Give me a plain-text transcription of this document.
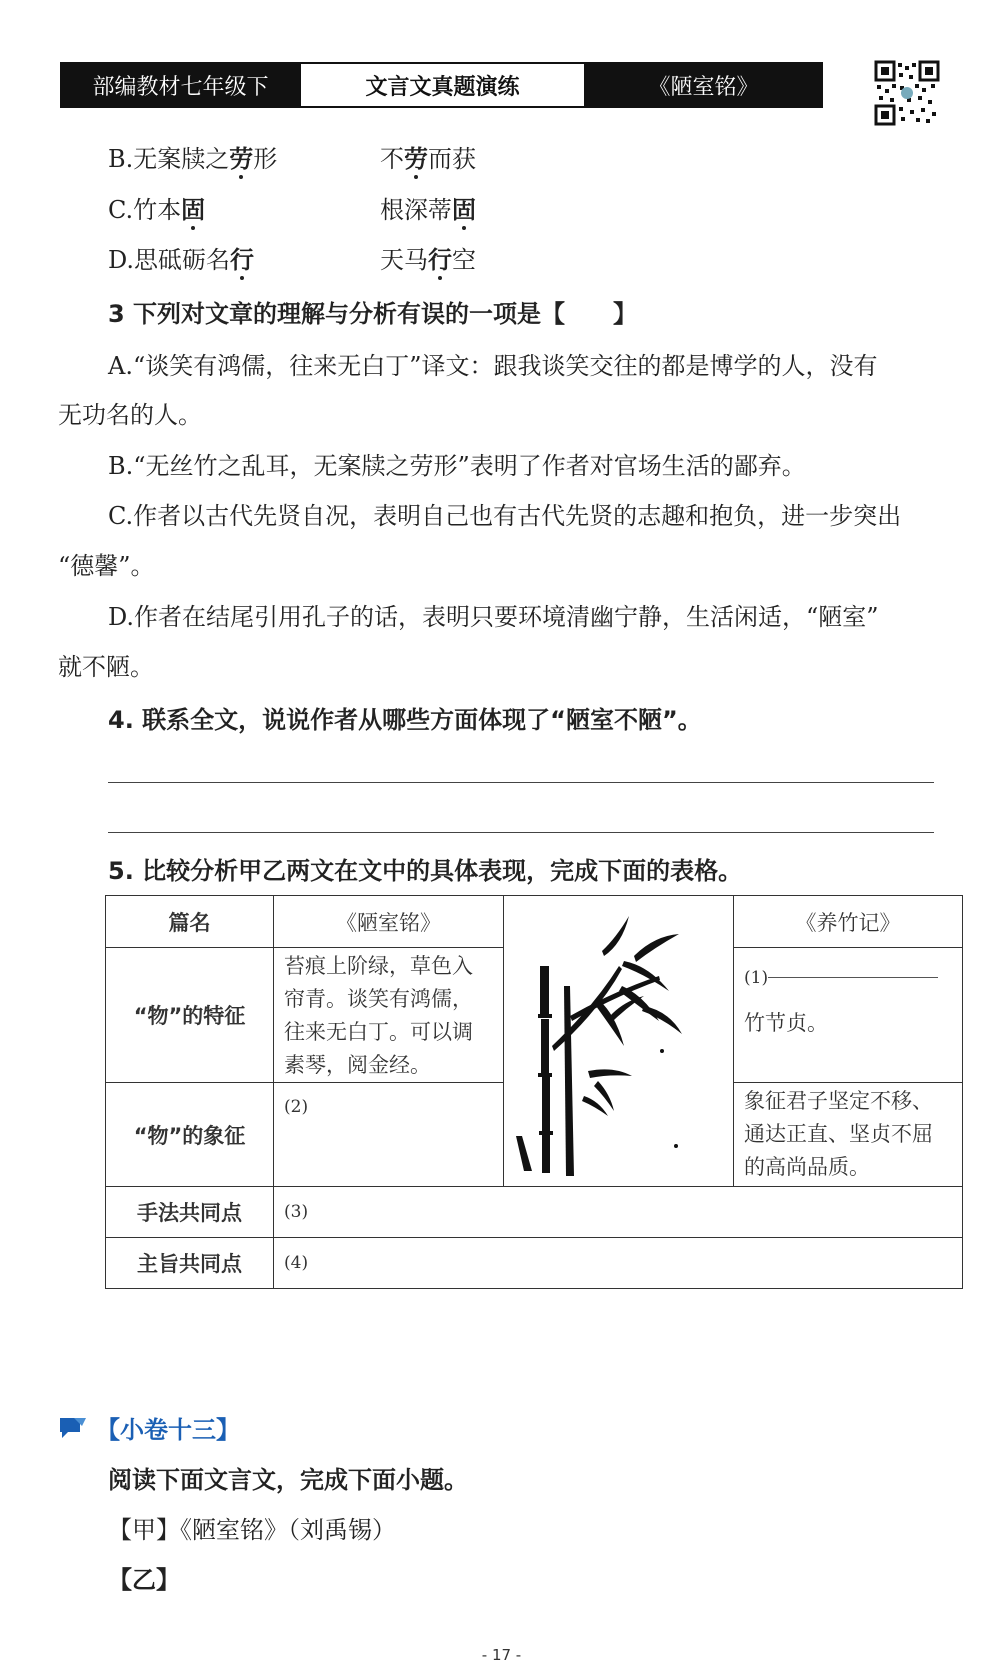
部编教材七年级下	文言文真题演练	《陋室铭》
B.无案牍之劳形	不劳而获
C.竹本固	根深蒂固
D.思砥砺名行	天马行空
3 下列对文章的理解与分析有误的一项是【　　】
A.“谈笑有鸿儒，往来无白丁”译文：跟我谈笑交往的都是博学的人，没有
无功名的人。
B.“无丝竹之乱耳，无案牍之劳形”表明了作者对官场生活的鄙弃。
C.作者以古代先贤自况，表明自己也有古代先贤的志趣和抱负，进一步突出
“德馨”。
D.作者在结尾引用孔子的话，表明只要环境清幽宁静，生活闲适，“陋室”
就不陋。
4. 联系全文，说说作者从哪些方面体现了“陋室不陋”。
5. 比较分析甲乙两文在文中的具体表现，完成下面的表格。
篇名	《陋室铭》		《养竹记》
“物”的特征	苔痕上阶绿，草色入帘青。谈笑有鸿儒，往来无白丁。可以调素琴，阅金经。		(1)
竹节贞。

“物”的象征	(2)		象征君子坚定不移、通达正直、坚贞不屈的高尚品质。
手法共同点	(3)		
主旨共同点	(4)		
【小卷十三】
阅读下面文言文，完成下面小题。
【甲】《陋室铭》（刘禹锡）
【乙】
- 17 -
